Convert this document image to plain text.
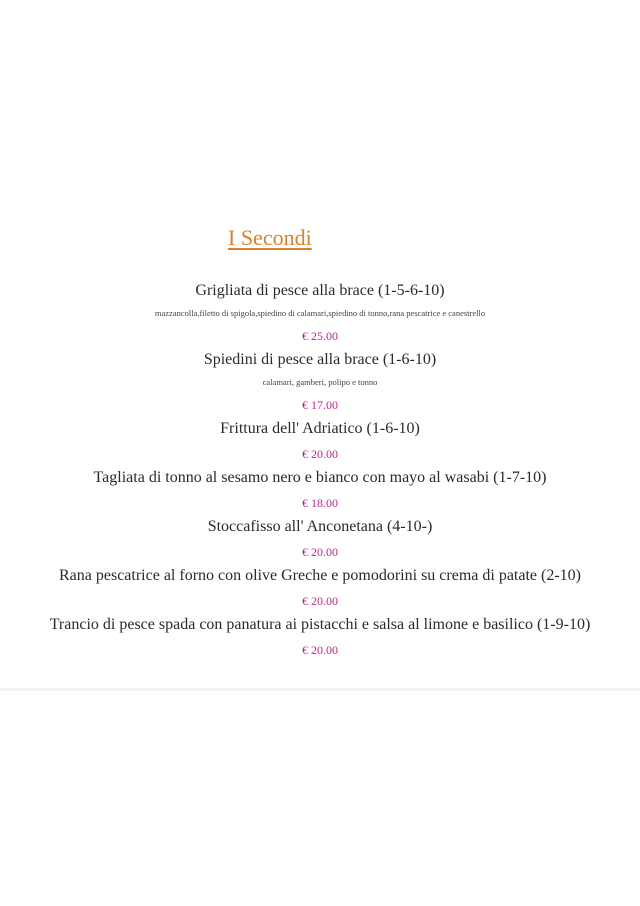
I Secondi
Grigliata di pesce alla brace (1-5-6-10)
mazzancolla,filetto di spigola,spiedino di calamari,spiedino di tonno,rana pescatrice e canestrello
€ 25.00
Spiedini di pesce alla brace (1-6-10)
calamari, gamberi, polipo e tonno
€ 17.00
Frittura dell' Adriatico (1-6-10)
€ 20.00
Tagliata di tonno al sesamo nero e bianco con mayo al wasabi (1-7-10)
€ 18.00
Stoccafisso all' Anconetana (4-10-)
€ 20.00
Rana pescatrice al forno con olive Greche e pomodorini su crema di patate (2-10)
€ 20.00
Trancio di pesce spada con panatura ai pistacchi e salsa al limone e basilico (1-9-10)
€ 20.00
